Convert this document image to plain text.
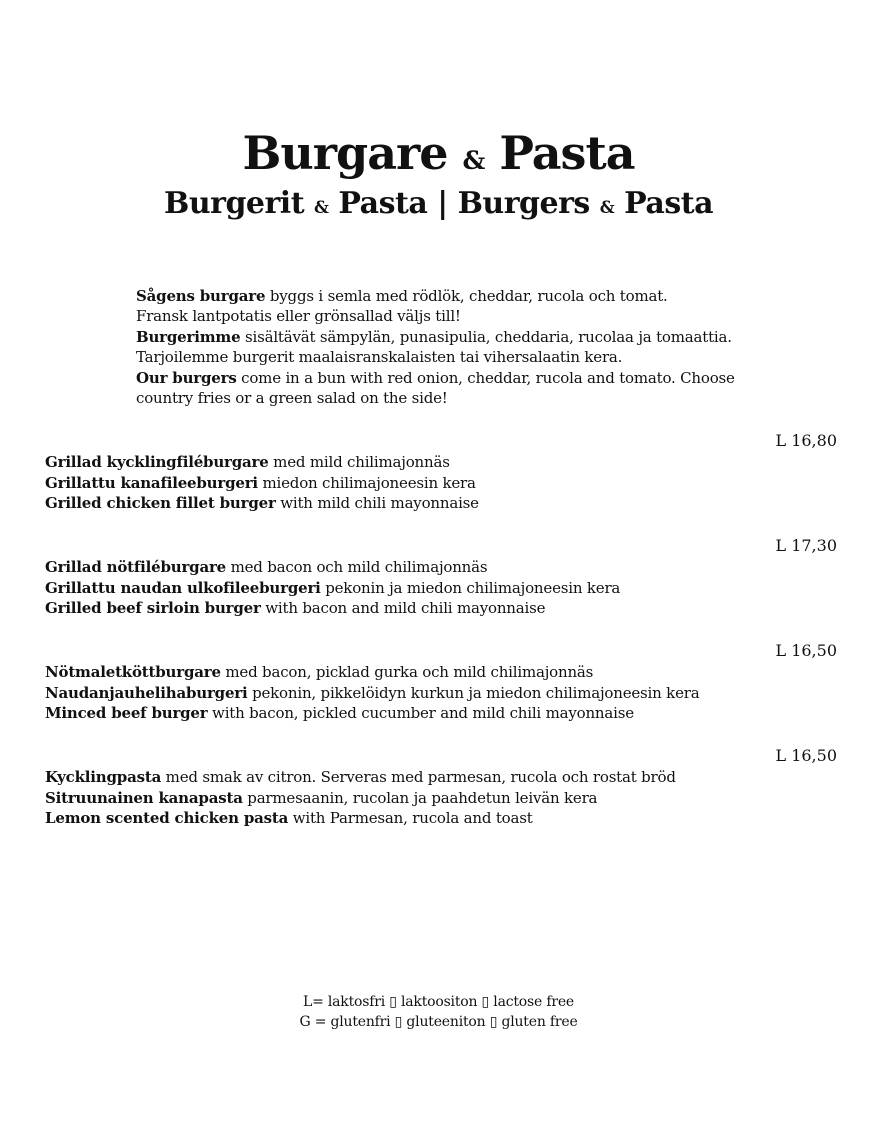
Burgare & Pasta
Burgerit & Pasta | Burgers & Pasta

Sågens burgare byggs i semla med rödlök, cheddar, rucola och tomat.

Fransk lantpotatis eller grönsallad väljs till!

Burgerimme sisältävät sämpylän, punasipulia, cheddaria, rucolaa ja tomaattia.

Tarjoilemme burgerit maalaisranskalaisten tai vihersalaatin kera.

Our burgers come in a bun with red onion, cheddar, rucola and tomato. Choose

country fries or a green salad on the side!

L 16,80

Grillad kycklingfiléburgare med mild chilimajonnäs

Grillattu kanafileeburgeri miedon chilimajoneesin kera

Grilled chicken fillet burger with mild chili mayonnaise

L 17,30

Grillad nötfiléburgare med bacon och mild chilimajonnäs

Grillattu naudan ulkofileeburgeri pekonin ja miedon chilimajoneesin kera

Grilled beef sirloin burger with bacon and mild chili mayonnaise

L 16,50

Nötmaletköttburgare med bacon, picklad gurka och mild chilimajonnäs

Naudanjauhelihaburgeri pekonin, pikkelöidyn kurkun ja miedon chilimajoneesin kera

Minced beef burger with bacon, pickled cucumber and mild chili mayonnaise

L 16,50

Kycklingpasta med smak av citron. Serveras med parmesan, rucola och rostat bröd

Sitruunainen kanapasta parmesaanin, rucolan ja paahdetun leivän kera

Lemon scented chicken pasta with Parmesan, rucola and toast

L= laktosfri ▯ laktoositon ▯ lactose free

G = glutenfri ▯ gluteeniton ▯ gluten free
